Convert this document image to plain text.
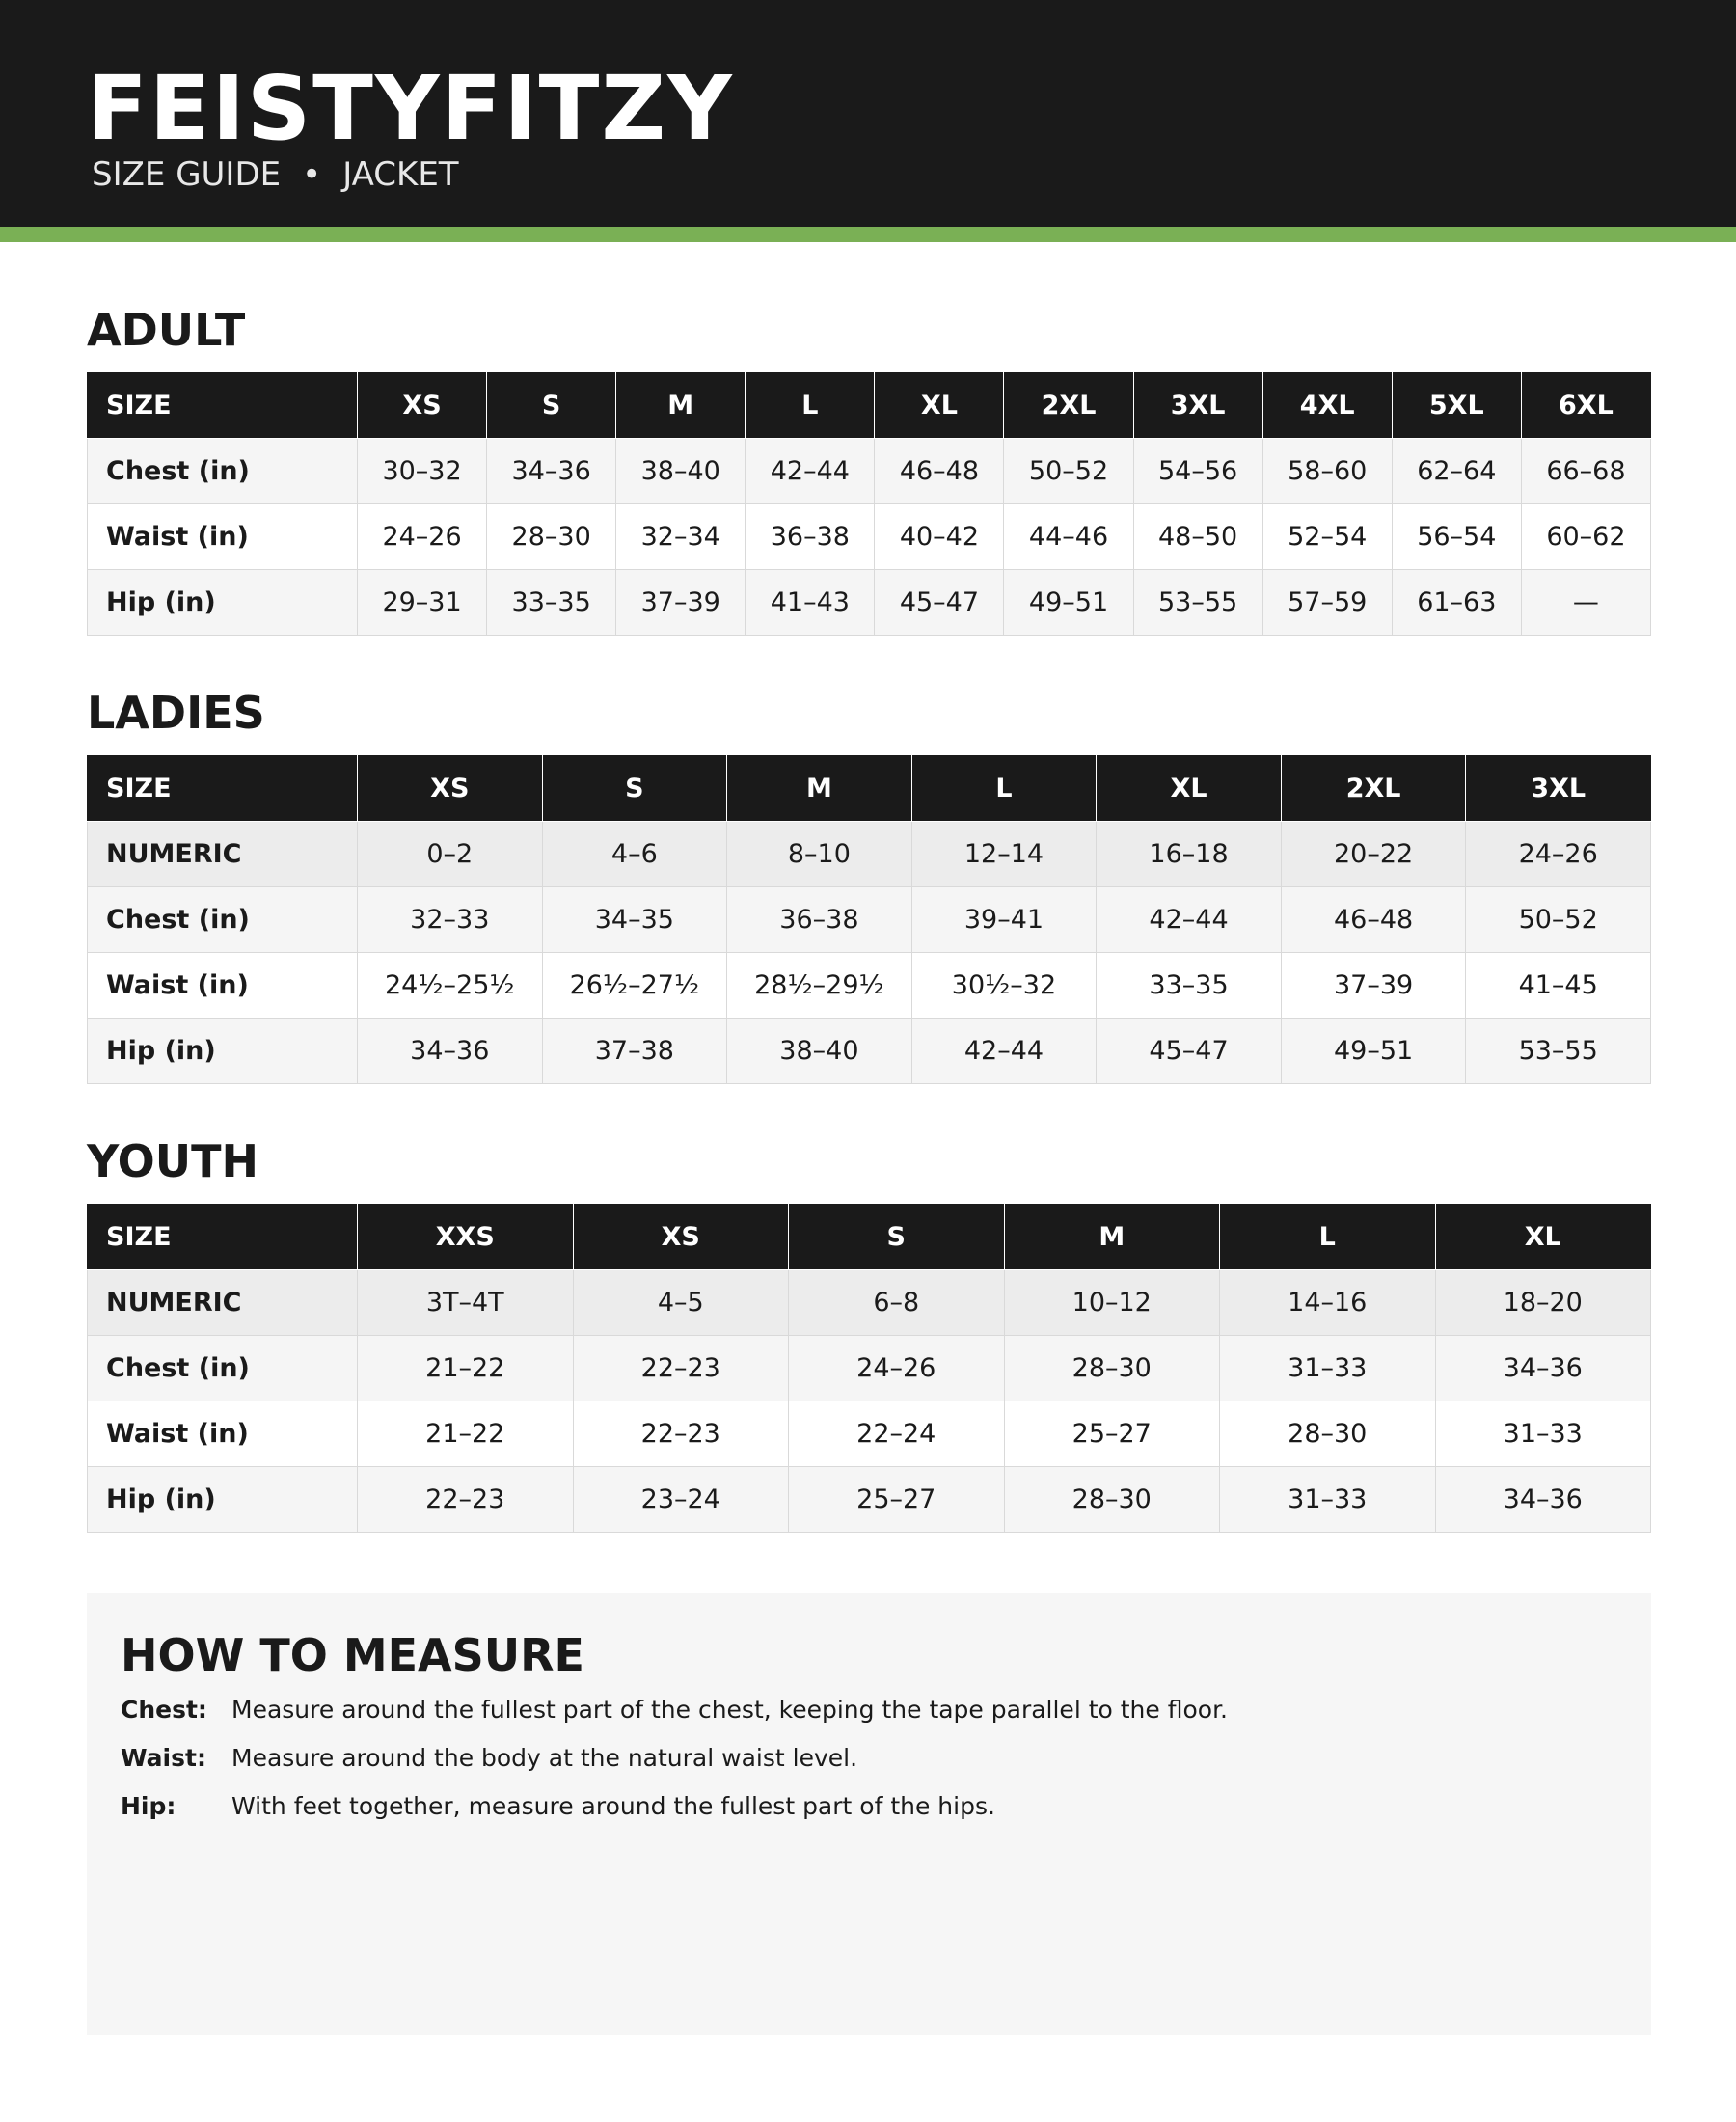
FEISTYFITZY
SIZE GUIDE • JACKET
ADULT
SIZE	XS	S	M	L	XL	2XL	3XL	4XL	5XL	6XL
Chest (in)	30–32	34–36	38–40	42–44	46–48	50–52	54–56	58–60	62–64	66–68
Waist (in)	24–26	28–30	32–34	36–38	40–42	44–46	48–50	52–54	56–54	60–62
Hip (in)	29–31	33–35	37–39	41–43	45–47	49–51	53–55	57–59	61–63	—
LADIES
SIZE	XS	S	M	L	XL	2XL	3XL
NUMERIC	0–2	4–6	8–10	12–14	16–18	20–22	24–26
Chest (in)	32–33	34–35	36–38	39–41	42–44	46–48	50–52
Waist (in)	24½–25½	26½–27½	28½–29½	30½–32	33–35	37–39	41–45
Hip (in)	34–36	37–38	38–40	42–44	45–47	49–51	53–55
YOUTH
SIZE	XXS	XS	S	M	L	XL
NUMERIC	3T–4T	4–5	6–8	10–12	14–16	18–20
Chest (in)	21–22	22–23	24–26	28–30	31–33	34–36
Waist (in)	21–22	22–23	22–24	25–27	28–30	31–33
Hip (in)	22–23	23–24	25–27	28–30	31–33	34–36
HOW TO MEASURE
Chest: Measure around the fullest part of the chest, keeping the tape parallel to the floor.
Waist: Measure around the body at the natural waist level.
Hip: With feet together, measure around the fullest part of the hips.
